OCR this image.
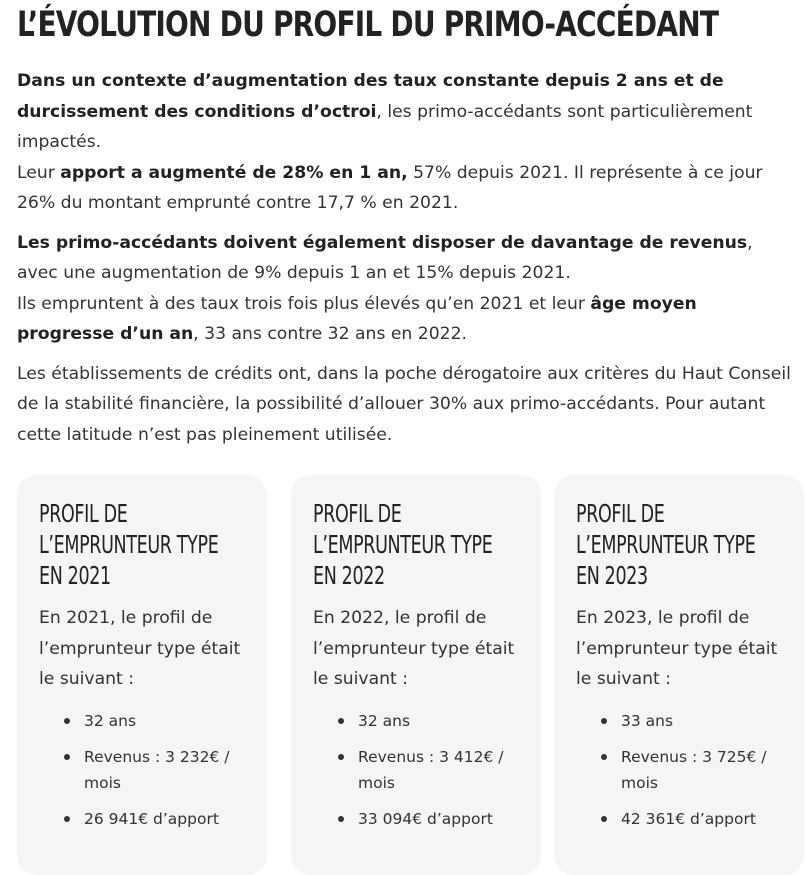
L’ÉVOLUTION DU PROFIL DU PRIMO-ACCÉDANT

Dans un contexte d’augmentation des taux constante depuis 2 ans et de durcissement des conditions d’octroi, les primo-accédants sont particulièrement impactés.
Leur apport a augmenté de 28% en 1 an, 57% depuis 2021. Il représente à ce jour 26% du montant emprunté contre 17,7 % en 2021.

Les primo-accédants doivent également disposer de davantage de revenus, avec une augmentation de 9% depuis 1 an et 15% depuis 2021.
Ils empruntent à des taux trois fois plus élevés qu’en 2021 et leur âge moyen progresse d’un an, 33 ans contre 32 ans en 2022.

Les établissements de crédits ont, dans la poche dérogatoire aux critères du Haut Conseil de la stabilité financière, la possibilité d’allouer 30% aux primo-accédants. Pour autant cette latitude n’est pas pleinement utilisée.

PROFIL DE
L’EMPRUNTEUR TYPE
EN 2021

En 2021, le profil de l’emprunteur type était le suivant :

32 ans
Revenus : 3 232€ / mois
26 941€ d’apport
PROFIL DE
L’EMPRUNTEUR TYPE
EN 2022

En 2022, le profil de l’emprunteur type était le suivant :

32 ans
Revenus : 3 412€ / mois
33 094€ d’apport
PROFIL DE
L’EMPRUNTEUR TYPE
EN 2023

En 2023, le profil de l’emprunteur type était le suivant :

33 ans
Revenus : 3 725€ / mois
42 361€ d’apport
